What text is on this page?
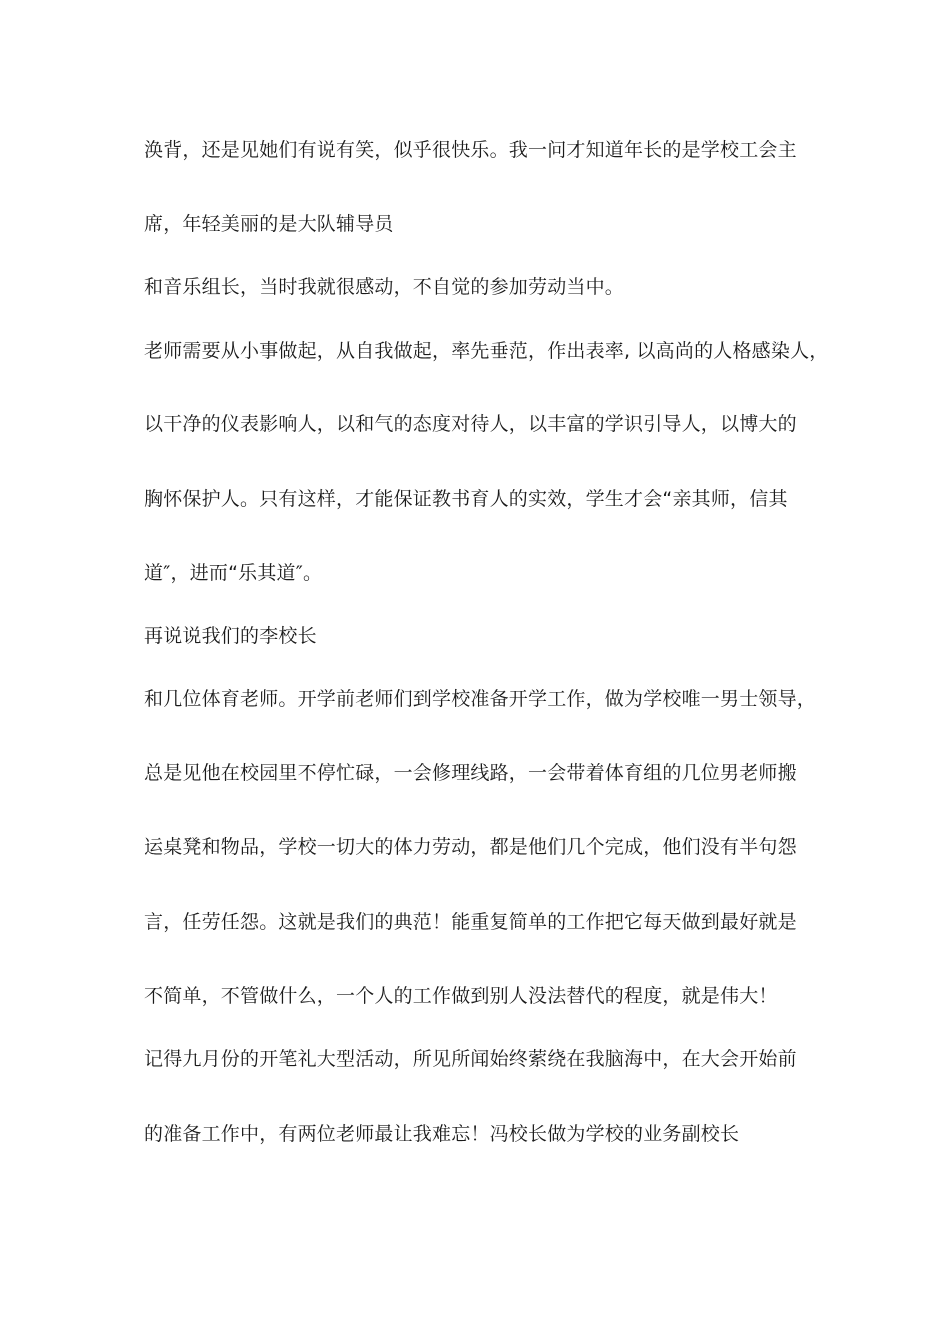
涣背，还是见她们有说有笑，似乎很快乐。我一问才知道年长的是学校工会主
席，年轻美丽的是大队辅导员
和音乐组长，当时我就很感动，不自觉的参加劳动当中。
老师需要从小事做起，从自我做起，率先垂范，作出表率, 以高尚的人格感染人，
以干净的仪表影响人，以和气的态度对待人，以丰富的学识引导人，以博大的
胸怀保护人。只有这样，才能保证教书育人的实效，学生才会“亲其师，信其
道″，进而“乐其道″。
再说说我们的李校长
和几位体育老师。开学前老师们到学校准备开学工作，做为学校唯一男士领导，
总是见他在校园里不停忙碌，一会修理线路，一会带着体育组的几位男老师搬
运桌凳和物品，学校一切大的体力劳动，都是他们几个完成，他们没有半句怨
言，任劳任怨。这就是我们的典范！能重复简单的工作把它每天做到最好就是
不简单，不管做什么，一个人的工作做到别人没法替代的程度，就是伟大！
记得九月份的开笔礼大型活动，所见所闻始终萦绕在我脑海中，在大会开始前
的准备工作中，有两位老师最让我难忘！冯校长做为学校的业务副校长
